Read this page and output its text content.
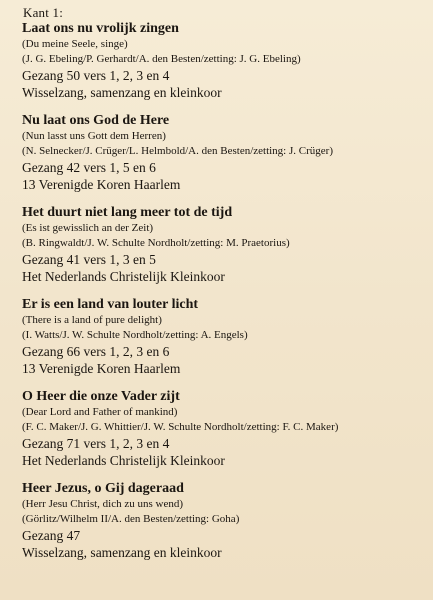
Kant 1:
Laat ons nu vrolijk zingen
(Du meine Seele, singe)
(J. G. Ebeling/P. Gerhardt/A. den Besten/zetting: J. G. Ebeling)
Gezang 50 vers 1, 2, 3 en 4
Wisselzang, samenzang en kleinkoor
Nu laat ons God de Here
(Nun lasst uns Gott dem Herren)
(N. Selnecker/J. Crüger/L. Helmbold/A. den Besten/zetting: J. Crüger)
Gezang 42 vers 1, 5 en 6
13 Verenigde Koren Haarlem
Het duurt niet lang meer tot de tijd
(Es ist gewisslich an der Zeit)
(B. Ringwaldt/J. W. Schulte Nordholt/zetting: M. Praetorius)
Gezang 41 vers 1, 3 en 5
Het Nederlands Christelijk Kleinkoor
Er is een land van louter licht
(There is a land of pure delight)
(I. Watts/J. W. Schulte Nordholt/zetting: A. Engels)
Gezang 66 vers 1, 2, 3 en 6
13 Verenigde Koren Haarlem
O Heer die onze Vader zijt
(Dear Lord and Father of mankind)
(F. C. Maker/J. G. Whittier/J. W. Schulte Nordholt/zetting: F. C. Maker)
Gezang 71 vers 1, 2, 3 en 4
Het Nederlands Christelijk Kleinkoor
Heer Jezus, o Gij dageraad
(Herr Jesu Christ, dich zu uns wend)
(Görlitz/Wilhelm II/A. den Besten/zetting: Goha)
Gezang 47
Wisselzang, samenzang en kleinkoor
